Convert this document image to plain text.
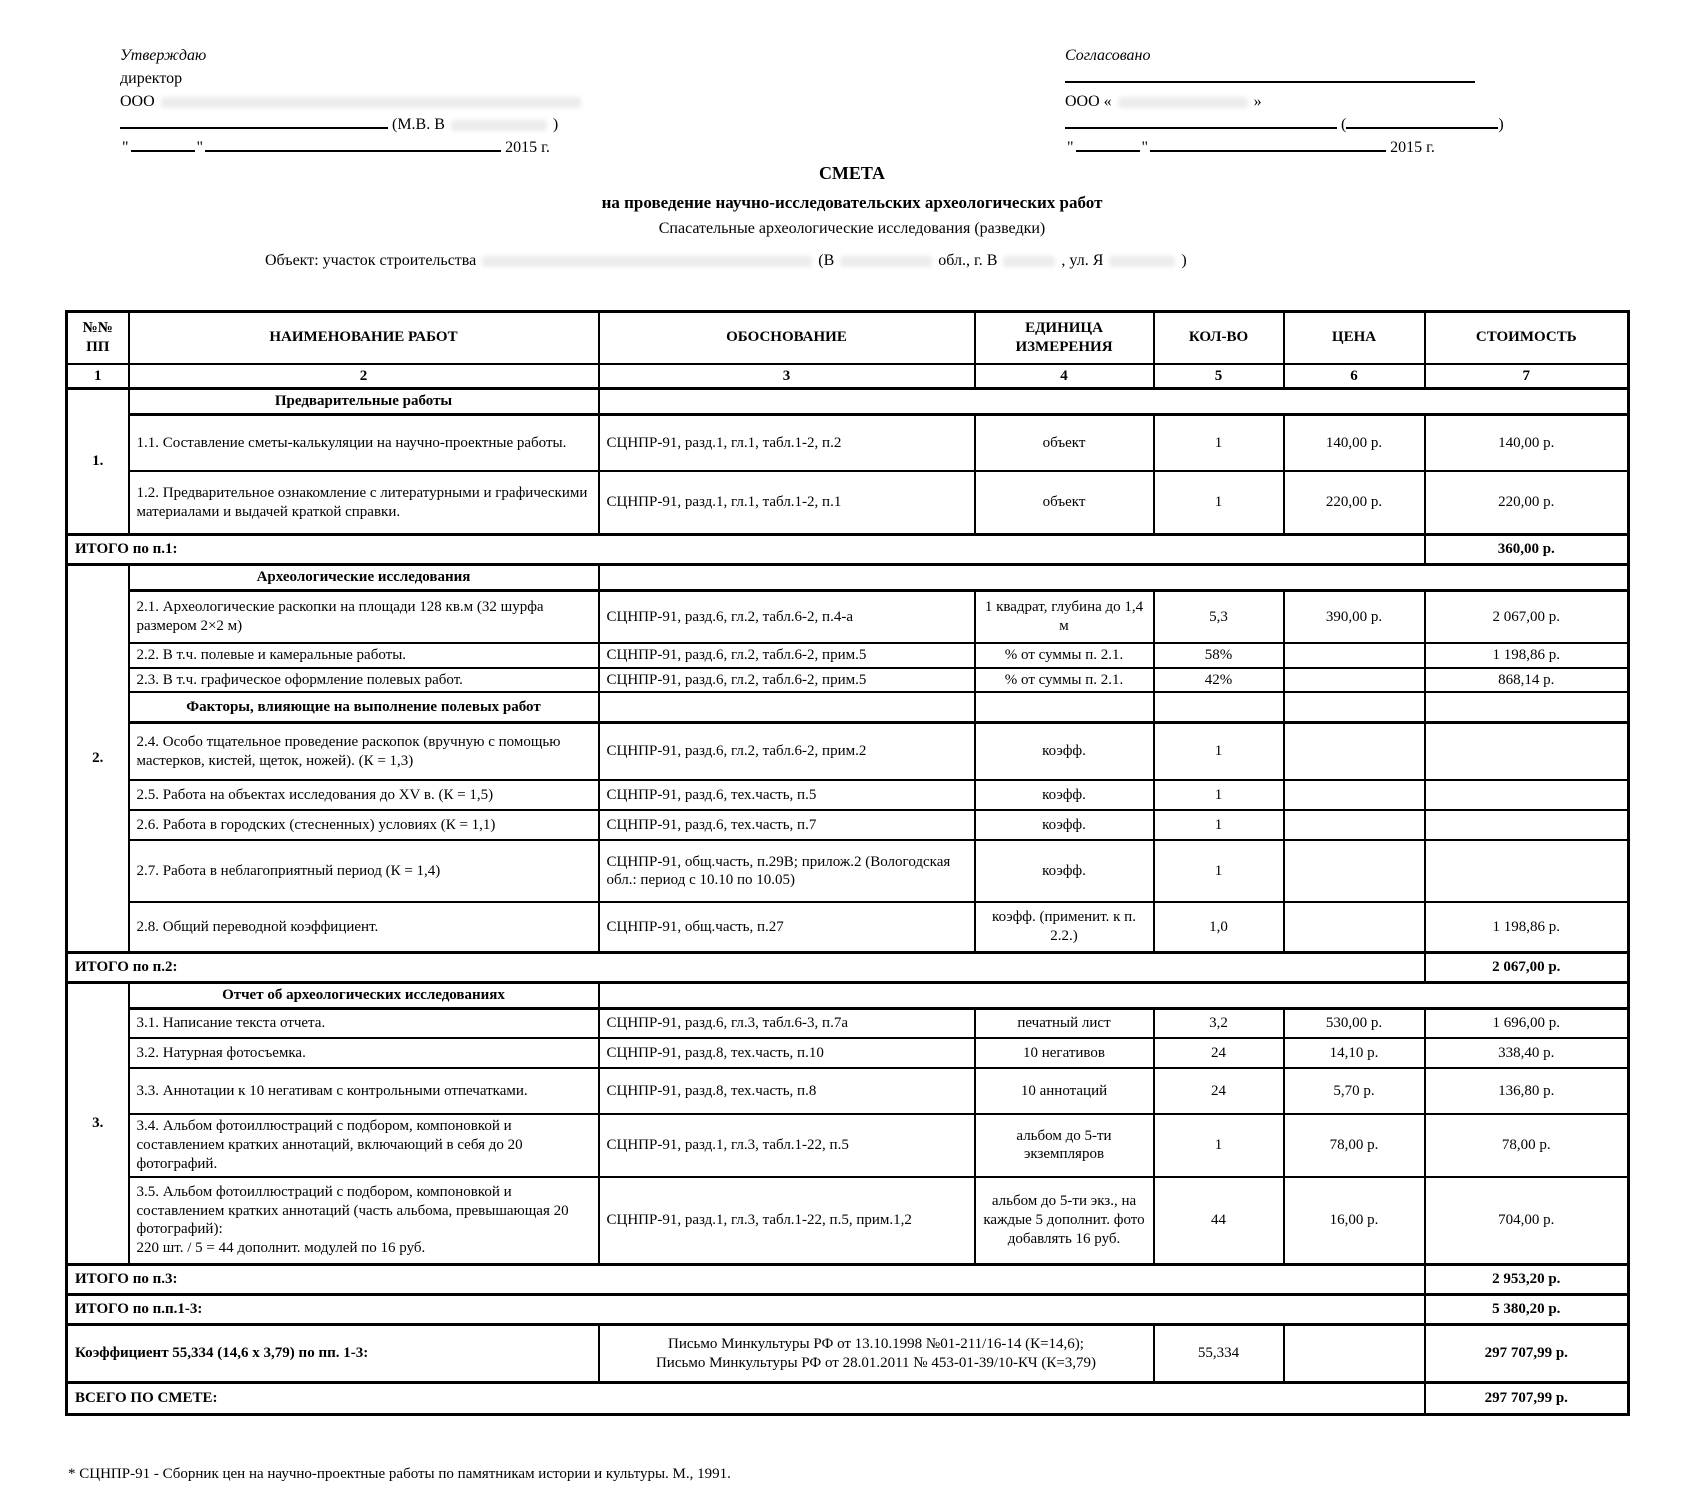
Утверждаю
директор
ООО
(М.В. В	)
"	"	2015 г.
Согласовано
ООО «	»
(	)
"	"	2015 г.
СМЕТА
на проведение научно-исследовательских археологических работ
Спасательные археологические исследования (разведки)
Объект: участок строительства	(В	обл., г. В	, ул. Я	)
№№
ПП	НАИМЕНОВАНИЕ РАБОТ	ОБОСНОВАНИЕ	ЕДИНИЦА ИЗМЕРЕНИЯ	КОЛ-ВО	ЦЕНА	СТОИМОСТЬ
1	2	3	4	5	6	7
1.	Предварительные работы					
	1.1. Составление сметы-калькуляции на научно-проектные работы.	СЦНПР-91, разд.1, гл.1, табл.1-2, п.2	объект	1	140,00 р.	140,00 р.
	1.2. Предварительное ознакомление с литературными и графическими материалами и выдачей краткой справки.	СЦНПР-91, разд.1, гл.1, табл.1-2, п.1	объект	1	220,00 р.	220,00 р.
ИТОГО по п.1:						360,00 р.
2.	Археологические исследования					
	2.1. Археологические раскопки на площади 128 кв.м (32 шурфа размером 2×2 м)	СЦНПР-91, разд.6, гл.2, табл.6-2, п.4-а	1 квадрат, глубина до 1,4 м	5,3	390,00 р.	2 067,00 р.
	2.2. В т.ч. полевые и камеральные работы.	СЦНПР-91, разд.6, гл.2, табл.6-2, прим.5	% от суммы п. 2.1.	58%		1 198,86 р.
	2.3. В т.ч. графическое оформление полевых работ.	СЦНПР-91, разд.6, гл.2, табл.6-2, прим.5	% от суммы п. 2.1.	42%		868,14 р.
	Факторы, влияющие на выполнение полевых работ					
	2.4. Особо тщательное проведение раскопок (вручную с помощью мастерков, кистей, щеток, ножей). (К = 1,3)	СЦНПР-91, разд.6, гл.2, табл.6-2, прим.2	коэфф.	1		
	2.5. Работа на объектах исследования до XV в. (К = 1,5)	СЦНПР-91, разд.6, тех.часть, п.5	коэфф.	1		
	2.6. Работа в городских (стесненных) условиях (К = 1,1)	СЦНПР-91, разд.6, тех.часть, п.7	коэфф.	1		
	2.7. Работа в неблагоприятный период (К = 1,4)	СЦНПР-91, общ.часть, п.29В; прилож.2 (Вологодская обл.: период с 10.10 по 10.05)	коэфф.	1		
	2.8. Общий переводной коэффициент.	СЦНПР-91, общ.часть, п.27	коэфф. (применит. к п. 2.2.)	1,0		1 198,86 р.
ИТОГО по п.2:						2 067,00 р.
3.	Отчет об археологических исследованиях					
	3.1. Написание текста отчета.	СЦНПР-91, разд.6, гл.3, табл.6-3, п.7а	печатный лист	3,2	530,00 р.	1 696,00 р.
	3.2. Натурная фотосъемка.	СЦНПР-91, разд.8, тех.часть, п.10	10 негативов	24	14,10 р.	338,40 р.
	3.3. Аннотации к 10 негативам с контрольными отпечатками.	СЦНПР-91, разд.8, тех.часть, п.8	10 аннотаций	24	5,70 р.	136,80 р.
	3.4. Альбом фотоиллюстраций с подбором, компоновкой и составлением кратких аннотаций, включающий в себя до 20 фотографий.	СЦНПР-91, разд.1, гл.3, табл.1-22, п.5	альбом до 5-ти экземпляров	1	78,00 р.	78,00 р.

	3.5. Альбом фотоиллюстраций с подбором, компоновкой и составлением кратких аннотаций (часть альбома, превышающая 20 фотографий):
220 шт. / 5 = 44 дополнит. модулей по 16 руб.	СЦНПР-91, разд.1, гл.3, табл.1-22, п.5, прим.1,2	альбом до 5-ти экз., на каждые 5 дополнит. фото добавлять 16 руб.	44	16,00 р.	704,00 р.
ИТОГО по п.3:						2 953,20 р.
ИТОГО по п.п.1-3:						5 380,20 р.
Коэффициент 55,334 (14,6 x 3,79) по пп. 1-3:		Письмо Минкультуры РФ от 13.10.1998 №01-211/16-14 (К=14,6);
Письмо Минкультуры РФ от 28.01.2011 № 453-01-39/10-КЧ (К=3,79)		55,334		297 707,99 р.
ВСЕГО ПО СМЕТЕ:						297 707,99 р.
* СЦНПР-91 - Сборник цен на научно-проектные работы по памятникам истории и культуры. М., 1991.
